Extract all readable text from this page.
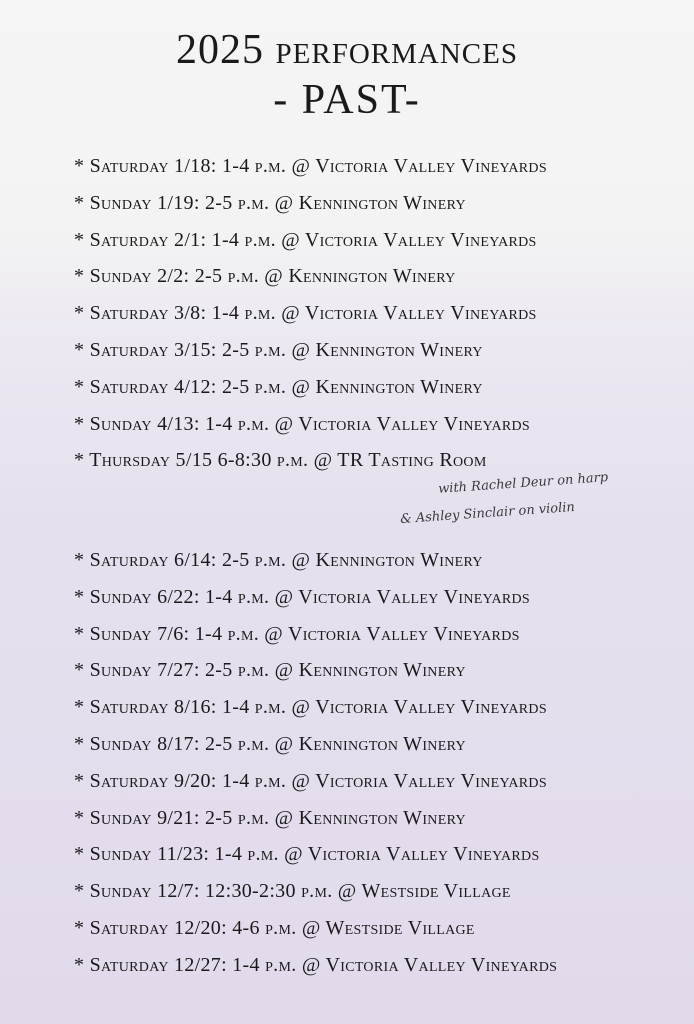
2025 performances
- PAST-
* Saturday 1/18: 1-4 p.m. @ Victoria Valley Vineyards
* Sunday 1/19: 2-5 p.m. @ Kennington Winery
* Saturday 2/1: 1-4 p.m. @ Victoria Valley Vineyards
* Sunday 2/2: 2-5 p.m. @ Kennington Winery
* Saturday 3/8: 1-4 p.m. @ Victoria Valley Vineyards
* Saturday 3/15: 2-5 p.m. @ Kennington Winery
* Saturday 4/12: 2-5 p.m. @ Kennington Winery
* Sunday 4/13: 1-4 p.m. @ Victoria Valley Vineyards
* Thursday 5/15 6-8:30 p.m. @ TR Tasting Room
with Rachel Deur on harp
& Ashley Sinclair on violin
* Saturday 6/14: 2-5 p.m. @ Kennington Winery
* Sunday 6/22: 1-4 p.m. @ Victoria Valley Vineyards
* Sunday 7/6: 1-4 p.m. @ Victoria Valley Vineyards
* Sunday 7/27: 2-5 p.m. @ Kennington Winery
* Saturday 8/16: 1-4 p.m. @ Victoria Valley Vineyards
* Sunday 8/17: 2-5 p.m. @ Kennington Winery
* Saturday 9/20: 1-4 p.m. @ Victoria Valley Vineyards
* Sunday 9/21: 2-5 p.m. @ Kennington Winery
* Sunday 11/23: 1-4 p.m. @ Victoria Valley Vineyards
* Sunday 12/7: 12:30-2:30 p.m. @ Westside Village
* Saturday 12/20: 4-6 p.m. @ Westside Village
* Saturday 12/27: 1-4 p.m. @ Victoria Valley Vineyards
